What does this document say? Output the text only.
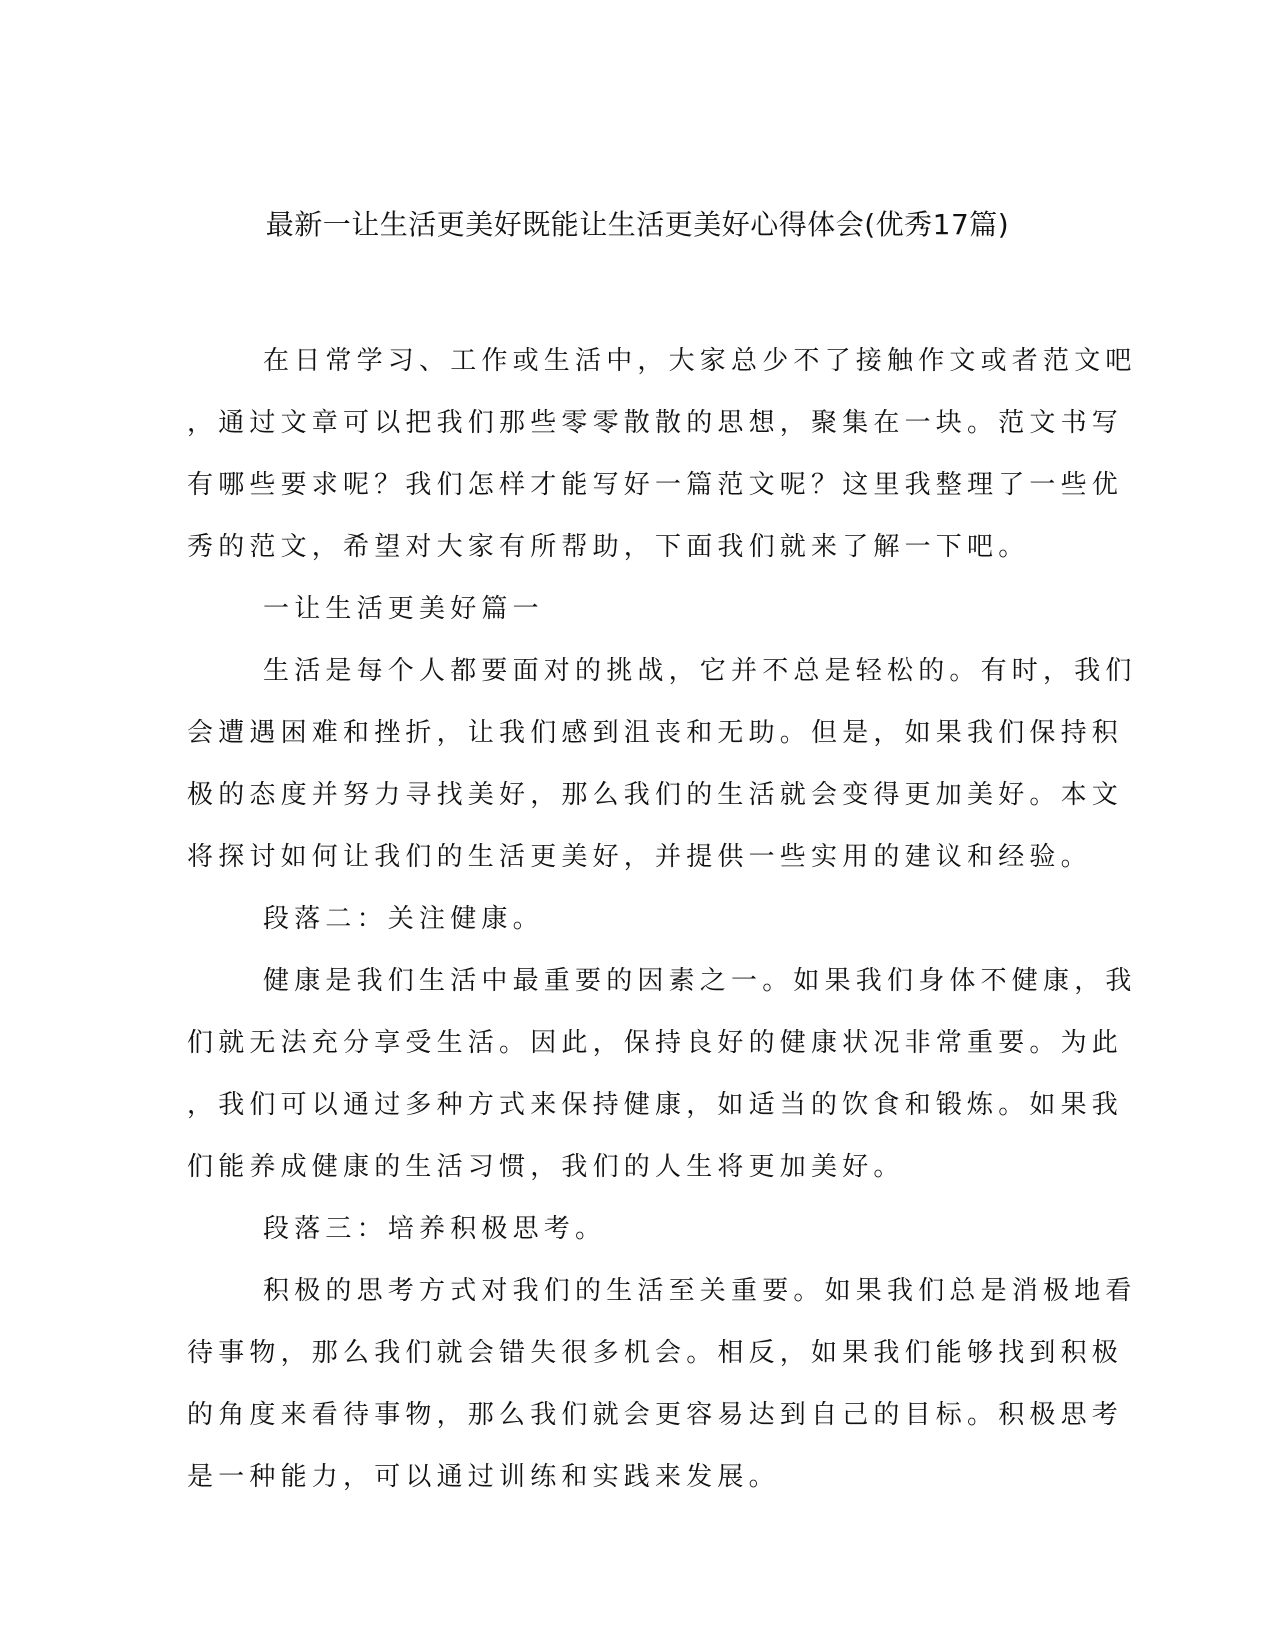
最新一让生活更美好既能让生活更美好心得体会(优秀17篇)
在日常学习、工作或生活中，大家总少不了接触作文或者范文吧
，通过文章可以把我们那些零零散散的思想，聚集在一块。范文书写
有哪些要求呢？我们怎样才能写好一篇范文呢？这里我整理了一些优
秀的范文，希望对大家有所帮助，下面我们就来了解一下吧。
一让生活更美好篇一
生活是每个人都要面对的挑战，它并不总是轻松的。有时，我们
会遭遇困难和挫折，让我们感到沮丧和无助。但是，如果我们保持积
极的态度并努力寻找美好，那么我们的生活就会变得更加美好。本文
将探讨如何让我们的生活更美好，并提供一些实用的建议和经验。
段落二：关注健康。
健康是我们生活中最重要的因素之一。如果我们身体不健康，我
们就无法充分享受生活。因此，保持良好的健康状况非常重要。为此
，我们可以通过多种方式来保持健康，如适当的饮食和锻炼。如果我
们能养成健康的生活习惯，我们的人生将更加美好。
段落三：培养积极思考。
积极的思考方式对我们的生活至关重要。如果我们总是消极地看
待事物，那么我们就会错失很多机会。相反，如果我们能够找到积极
的角度来看待事物，那么我们就会更容易达到自己的目标。积极思考
是一种能力，可以通过训练和实践来发展。
